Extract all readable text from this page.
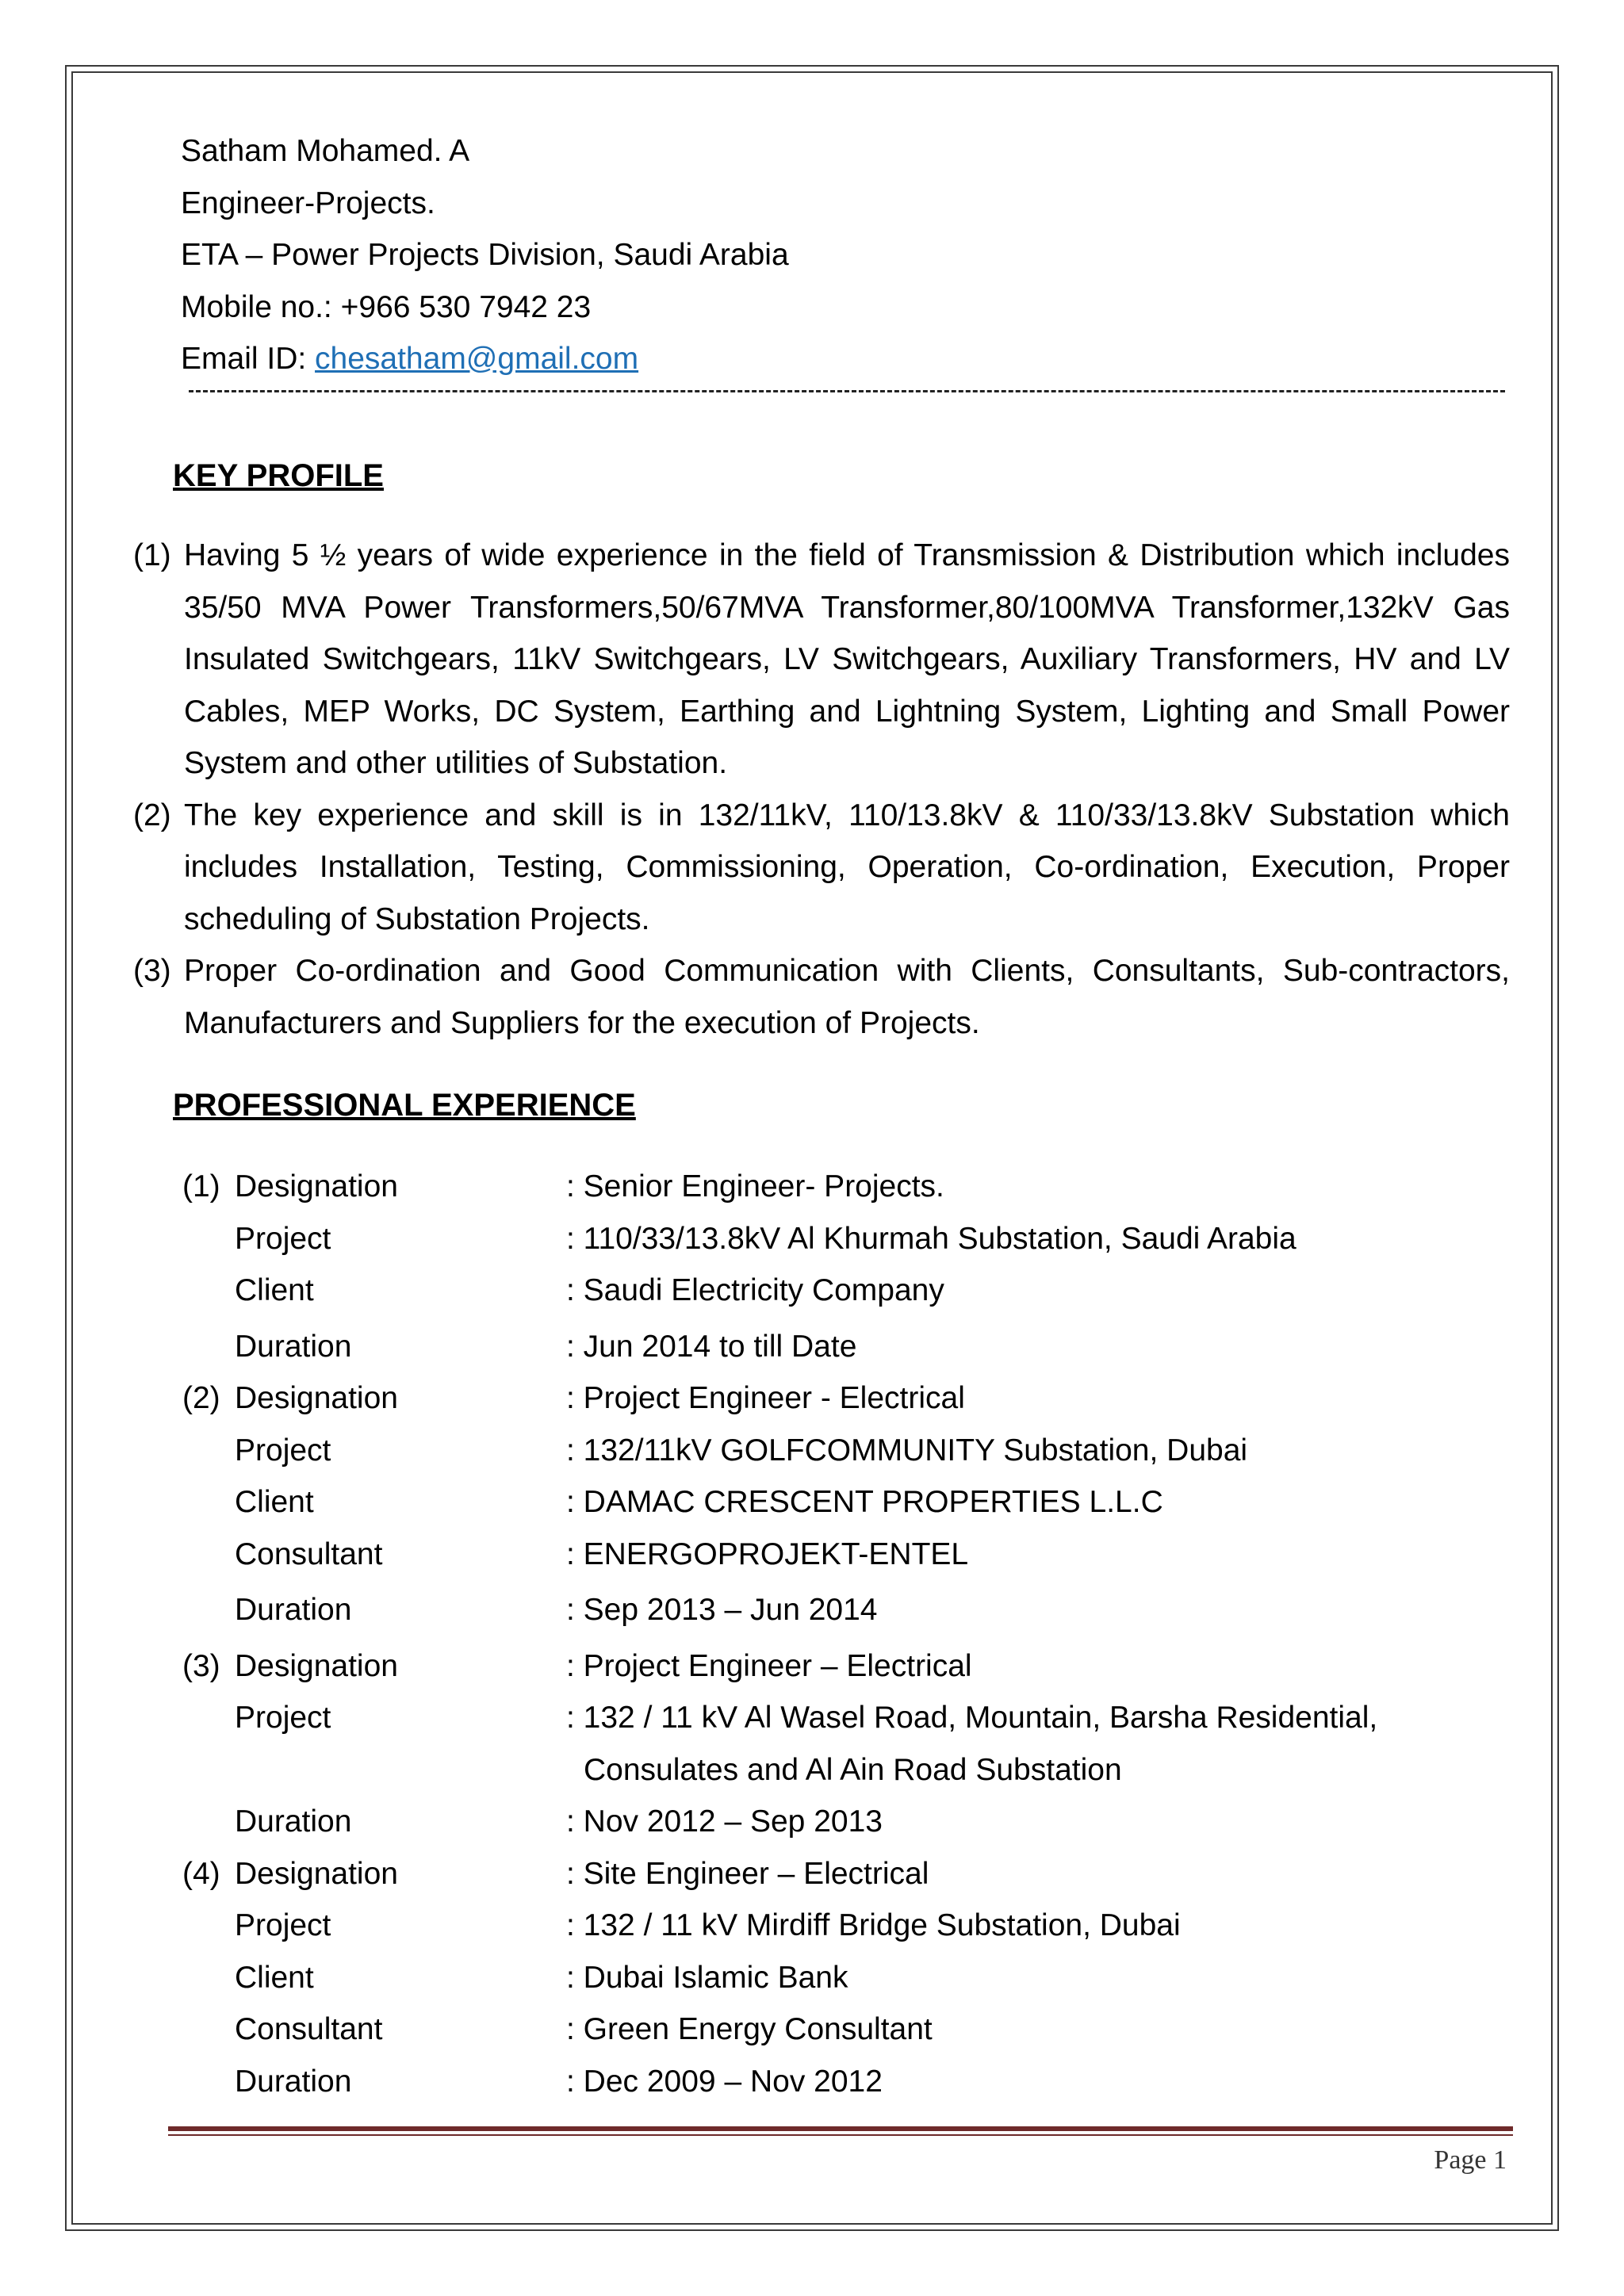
Satham Mohamed. A
Engineer-Projects.
ETA – Power Projects Division, Saudi Arabia
Mobile no.: +966 530 7942 23
Email ID: chesatham@gmail.com
KEY PROFILE
(1) Having 5 ½ years of wide experience in the field of Transmission & Distribution which includes 35/50 MVA Power Transformers,50/67MVA Transformer,80/100MVA Transformer,132kV Gas Insulated Switchgears, 11kV Switchgears, LV Switchgears, Auxiliary Transformers, HV and LV Cables, MEP Works, DC System, Earthing and Lightning System, Lighting and Small Power System and other utilities of Substation.
(2) The key experience and skill is in 132/11kV, 110/13.8kV & 110/33/13.8kV Substation which includes Installation, Testing, Commissioning, Operation, Co-ordination, Execution, Proper scheduling of Substation Projects.
(3) Proper Co-ordination and Good Communication with Clients, Consultants, Sub-contractors, Manufacturers and Suppliers for the execution of Projects.
PROFESSIONAL EXPERIENCE
(1) Designation	: Senior Engineer- Projects.
Project	: 110/33/13.8kV Al Khurmah Substation, Saudi Arabia
Client	: Saudi Electricity Company
Duration	: Jun 2014 to till Date
(2) Designation	: Project Engineer - Electrical
Project	: 132/11kV GOLFCOMMUNITY Substation, Dubai
Client	: DAMAC CRESCENT PROPERTIES L.L.C
Consultant	: ENERGOPROJEKT-ENTEL
Duration	: Sep 2013 – Jun 2014
(3) Designation	: Project Engineer – Electrical
Project	: 132 / 11 kV Al Wasel Road, Mountain, Barsha Residential,
Consulates and Al Ain Road Substation
Duration	: Nov 2012 – Sep 2013
(4) Designation	: Site Engineer – Electrical
Project	: 132 / 11 kV Mirdiff Bridge Substation, Dubai
Client	: Dubai Islamic Bank
Consultant	: Green Energy Consultant
Duration	: Dec 2009 – Nov 2012
Page 1
